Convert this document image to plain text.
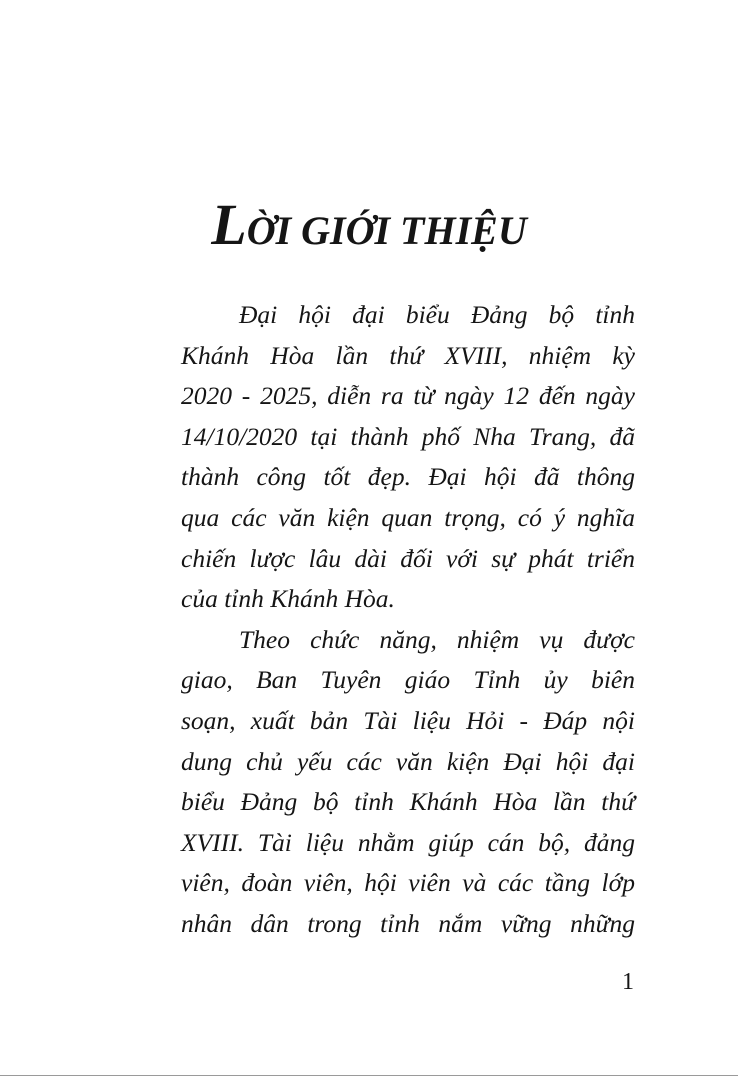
LỜI GIỚI THIỆU
Đại hội đại biểu Đảng bộ tỉnh
Khánh Hòa lần thứ XVIII, nhiệm kỳ
2020 - 2025, diễn ra từ ngày 12 đến ngày
14/10/2020 tại thành phố Nha Trang, đã
thành công tốt đẹp. Đại hội đã thông
qua các văn kiện quan trọng, có ý nghĩa
chiến lược lâu dài đối với sự phát triển
của tỉnh Khánh Hòa.
Theo chức năng, nhiệm vụ được
giao, Ban Tuyên giáo Tỉnh ủy biên
soạn, xuất bản Tài liệu Hỏi - Đáp nội
dung chủ yếu các văn kiện Đại hội đại
biểu Đảng bộ tỉnh Khánh Hòa lần thứ
XVIII. Tài liệu nhằm giúp cán bộ, đảng
viên, đoàn viên, hội viên và các tầng lớp
nhân dân trong tỉnh nắm vững những
1
